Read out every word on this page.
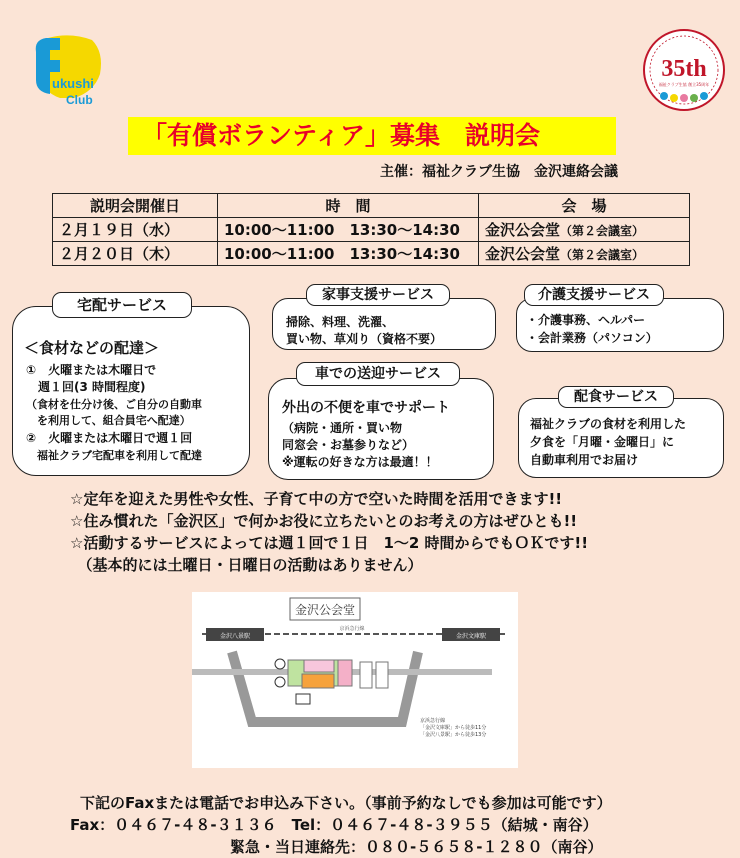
F ukushi
Club
35th
福祉クラブ生協 創立35周年
「有償ボランティア」募集　説明会
主催：福祉クラブ生協　金沢連絡会議
説明会開催日	時　間	会　場
２月１９日（水）	10:00～11:00　13:30～14:30	金沢公会堂（第２会議室）
２月２０日（木）	10:00～11:00　13:30～14:30	金沢公会堂（第２会議室）
宅配サービス
＜食材などの配達＞
①　火曜または木曜日で
　週１回(3 時間程度)
（食材を仕分け後、ご自分の自動車
　を利用して、組合員宅へ配達）
②　火曜または木曜日で週１回
　福祉クラブ宅配車を利用して配達
家事支援サービス
掃除、料理、洗濯、
買い物、草刈り（資格不要）
介護支援サービス
・介護事務、ヘルパー
・会計業務（パソコン）
車での送迎サービス
外出の不便を車でサポート
（病院・通所・買い物
同窓会・お墓参りなど）
※運転の好きな方は最適！！
配食サービス
福祉クラブの食材を利用した
夕食を「月曜・金曜日」に
自動車利用でお届け
☆定年を迎えた男性や女性、子育て中の方で空いた時間を活用できます!!
☆住み慣れた「金沢区」で何かお役に立ちたいとのお考えの方はぜひとも!!
☆活動するサービスによっては週１回で１日　1～2 時間からでもＯＫです!!
　（基本的には土曜日・日曜日の活動はありません）
金沢公会堂
京浜急行線
金沢八景駅	金沢文庫駅
京浜急行線
「金沢文庫駅」から徒歩11分
「金沢八景駅」から徒歩13分
下記のFaxまたは電話でお申込み下さい。（事前予約なしでも参加は可能です）
Fax：０４６７-４８-３１３６　Tel：０４６７-４８-３９５５（結城・南谷）
緊急・当日連絡先：０８０-５６５８-１２８０（南谷）
